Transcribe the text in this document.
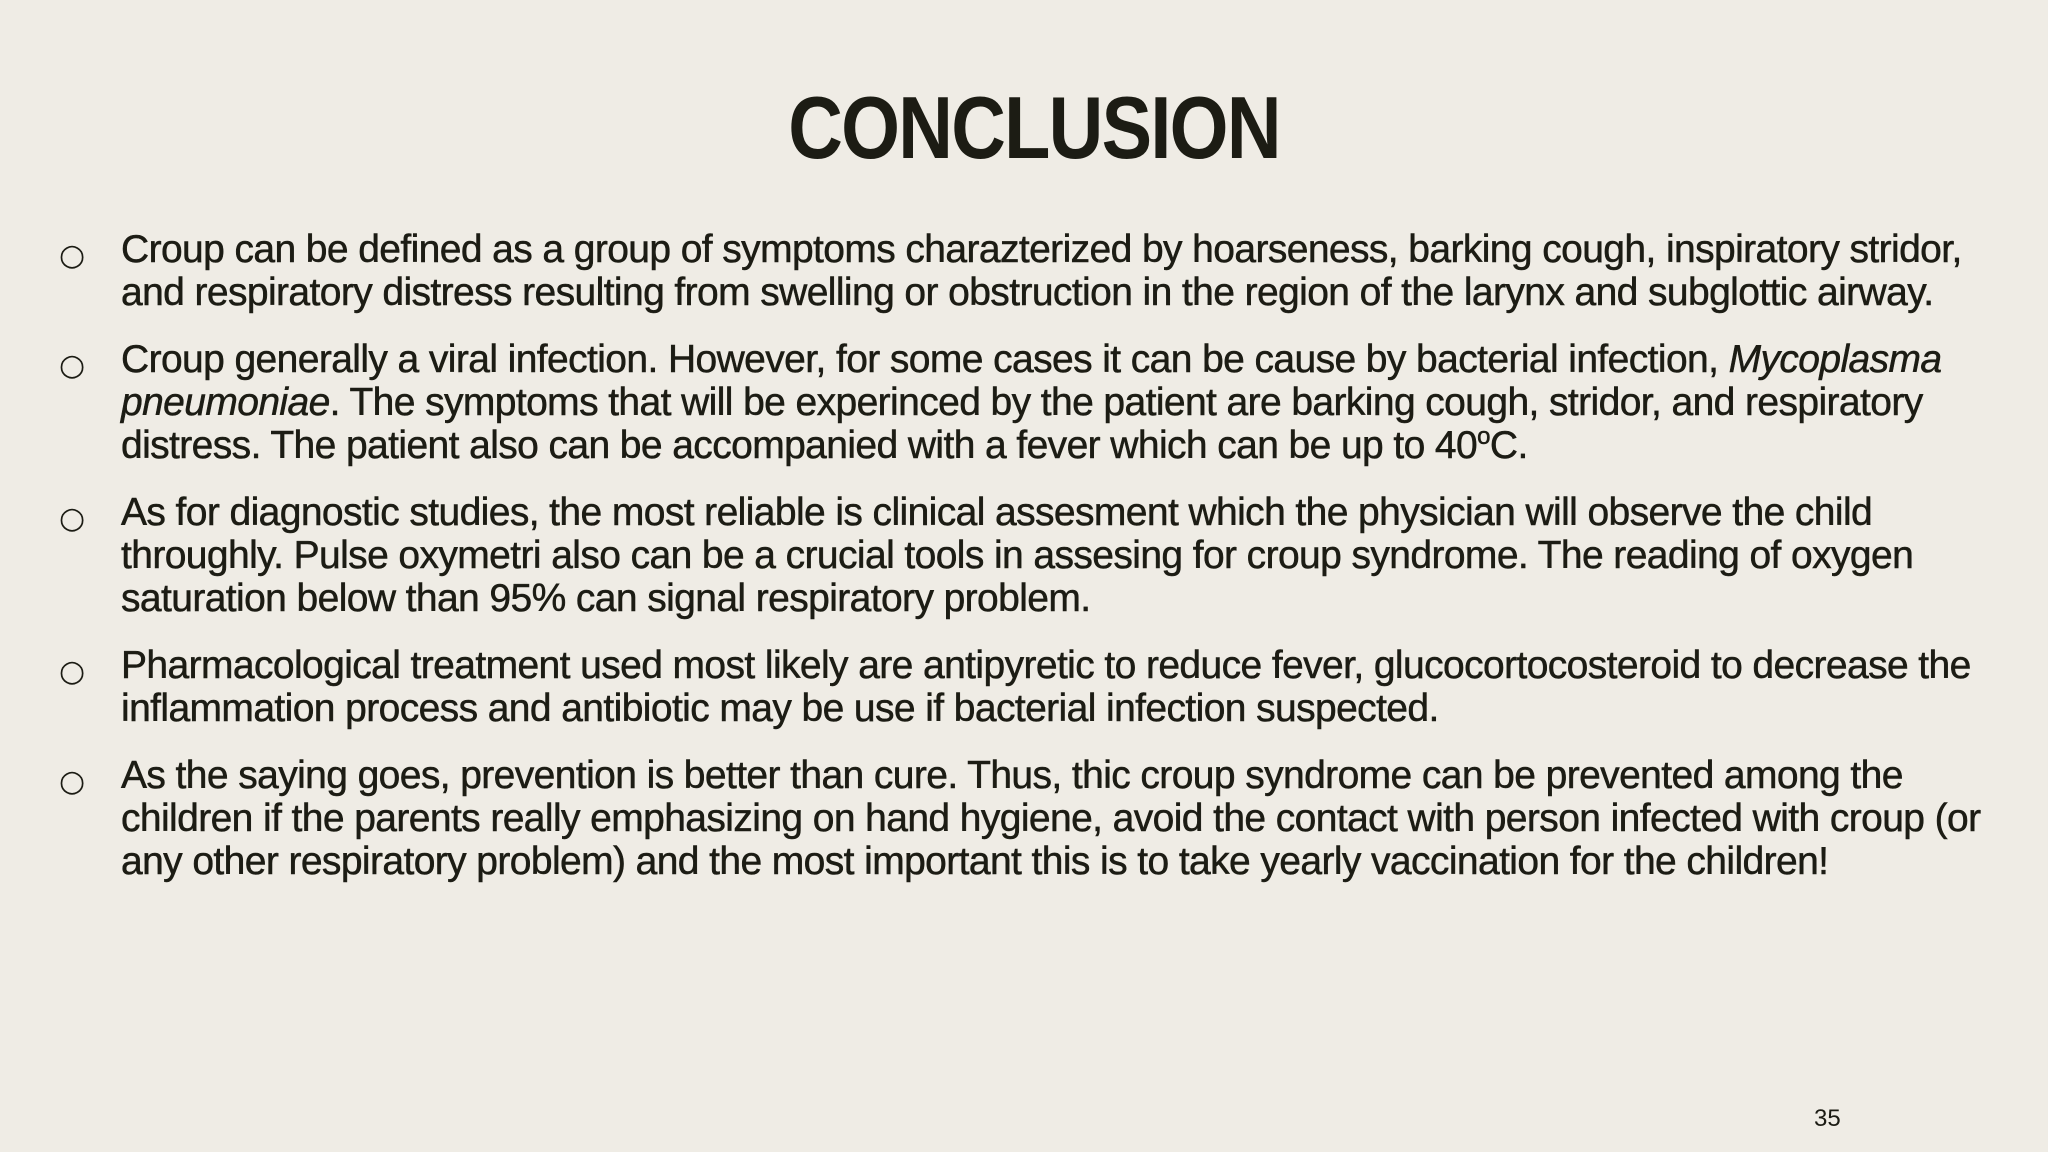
CONCLUSION
○ Croup can be defined as a group of symptoms charazterized by hoarseness, barking cough, inspiratory stridor, and respiratory distress resulting from swelling or obstruction in the region of the larynx and subglottic airway.
○ Croup generally a viral infection. However, for some cases it can be cause by bacterial infection, Mycoplasma pneumoniae. The symptoms that will be experinced by the patient are barking cough, stridor, and respiratory distress. The patient also can be accompanied with a fever which can be up to 40$^o$C.
○ As for diagnostic studies, the most reliable is clinical assesment which the physician will observe the child throughly. Pulse oxymetri also can be a crucial tools in assesing for croup syndrome. The reading of oxygen saturation below than 95% can signal respiratory problem.
○ Pharmacological treatment used most likely are antipyretic to reduce fever, glucocortocosteroid to decrease the inflammation process and antibiotic may be use if bacterial infection suspected.
○ As the saying goes, prevention is better than cure. Thus, thic croup syndrome can be prevented among the children if the parents really emphasizing on hand hygiene, avoid the contact with person infected with croup (or any other respiratory problem) and the most important this is to take yearly vaccination for the children!
35
